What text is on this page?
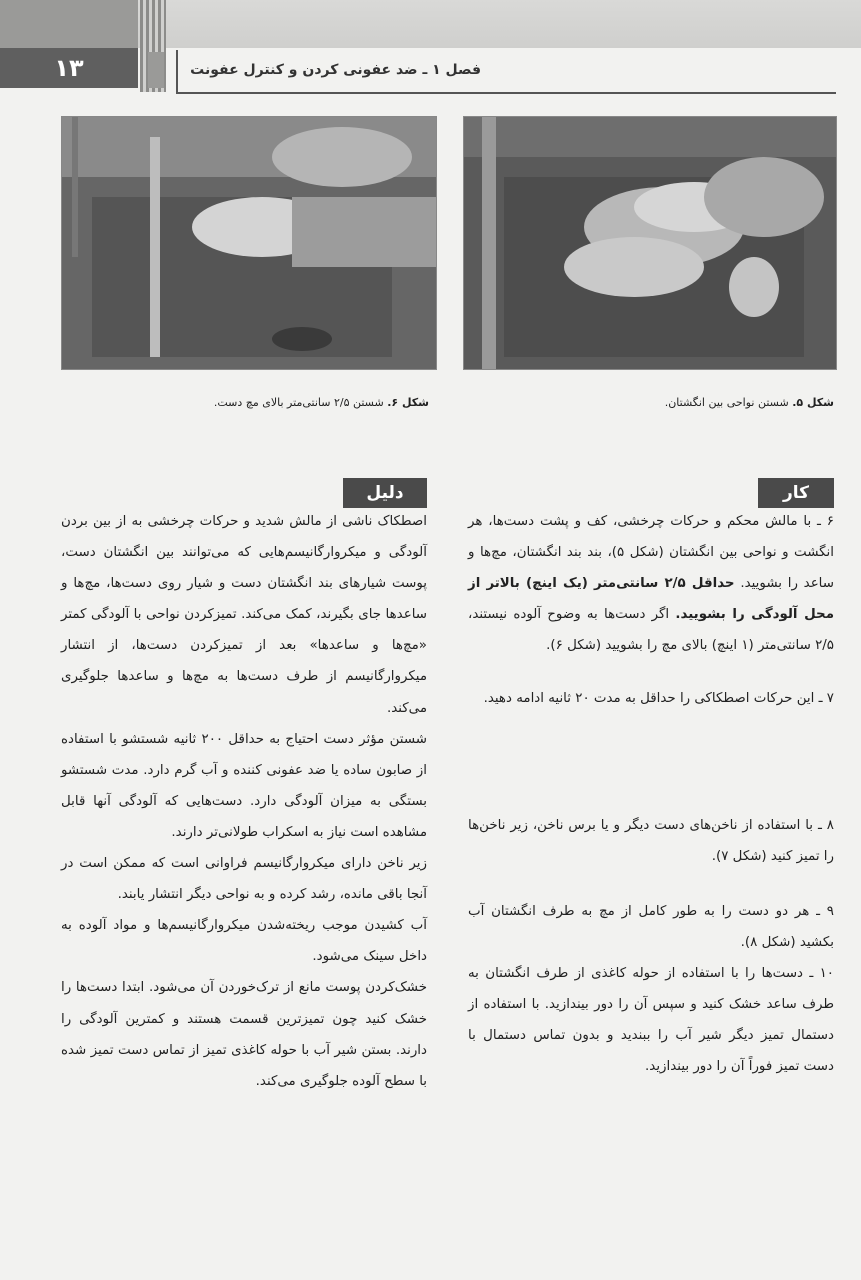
۱۳	فصل ۱ ـ ضد عفونی کردن و کنترل عفونت
شکل ۵. شستن نواحی بین انگشتان.
شکل ۶. شستن ۲/۵ سانتی‌متر بالای مچ دست.
کار
دلیل

۶ ـ با مالش محکم و حرکات چرخشی، کف و پشت دست‌ها، هر انگشت و نواحی بین انگشتان (شکل ۵)، بند بند انگشتان، مچ‌ها و ساعد را بشویید. حداقل ۲/۵ سانتی‌متر (یک اینچ) بالاتر از محل آلودگی را بشویید. اگر دست‌ها به وضوح آلوده نیستند، ۲/۵ سانتی‌متر (۱ اینچ) بالای مچ را بشویید (شکل ۶).

۷ ـ این حرکات اصطکاکی را حداقل به مدت ۲۰ ثانیه ادامه دهید.

۸ ـ با استفاده از ناخن‌های دست دیگر و یا برس ناخن، زیر ناخن‌ها را تمیز کنید (شکل ۷).

۹ ـ هر دو دست را به طور کامل از مچ به طرف انگشتان آب بکشید (شکل ۸).

۱۰ ـ دست‌ها را با استفاده از حوله کاغذی از طرف انگشتان به طرف ساعد خشک کنید و سپس آن را دور بیندازید. با استفاده از دستمال تمیز دیگر شیر آب را ببندید و بدون تماس دستمال با دست تمیز فوراً آن را دور بیندازید.

اصطکاک ناشی از مالش شدید و حرکات چرخشی به از بین بردن آلودگی و میکروارگانیسم‌هایی که می‌توانند بین انگشتان دست، پوست شیارهای بند انگشتان دست و شیار روی دست‌ها، مچ‌ها و ساعدها جای بگیرند، کمک می‌کند. تمیزکردن نواحی با آلودگی کمتر «مچ‌ها و ساعدها» بعد از تمیزکردن دست‌ها، از انتشار میکروارگانیسم از طرف دست‌ها به مچ‌ها و ساعدها جلوگیری می‌کند.

شستن مؤثر دست احتیاج به حداقل ۲۰۰ ثانیه شستشو با استفاده از صابون ساده یا ضد عفونی کننده و آب گرم دارد. مدت شستشو بستگی به میزان آلودگی دارد. دست‌هایی که آلودگی آنها قابل مشاهده است نیاز به اسکراب طولانی‌تر دارند.

زیر ناخن دارای میکروارگانیسم فراوانی است که ممکن است در آنجا باقی مانده، رشد کرده و به نواحی دیگر انتشار یابند.

آب کشیدن موجب ریخته‌شدن میکروارگانیسم‌ها و مواد آلوده به داخل سینک می‌شود.

خشک‌کردن پوست مانع از ترک‌خوردن آن می‌شود. ابتدا دست‌ها را خشک کنید چون تمیزترین قسمت هستند و کمترین آلودگی را دارند. بستن شیر آب با حوله کاغذی تمیز از تماس دست تمیز شده با سطح آلوده جلوگیری می‌کند.
